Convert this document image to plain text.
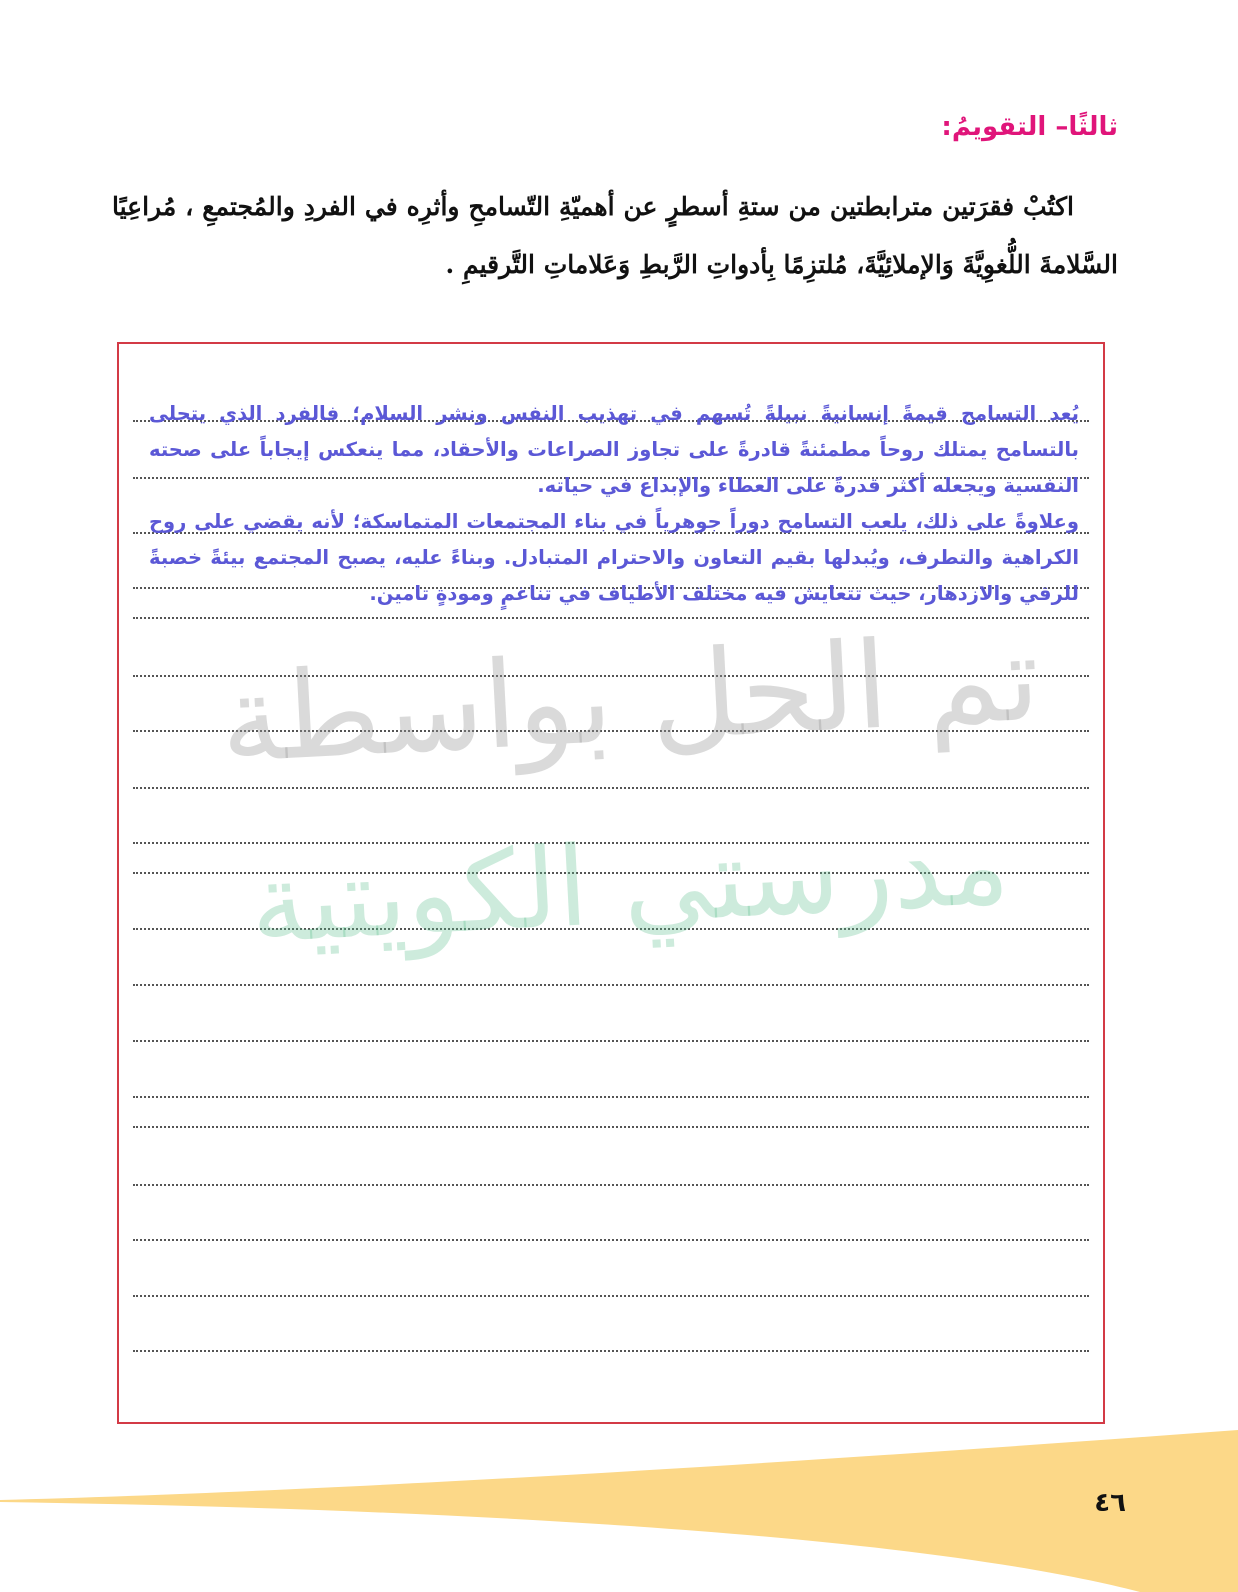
ثالثًا– التقويمُ:
اكتُبْ فقرَتين مترابطتين من ستةِ أسطرٍ عن أهميّةِ التّسامحِ وأثرِه في الفردِ والمُجتمعِ ، مُراعِيًا السَّلامةَ اللُّغوِيَّةَ وَالإملائِيَّةَ، مُلتزِمًا بِأدواتِ الرَّبطِ وَعَلاماتِ التَّرقيمِ .

يُعد التسامح قيمةً إنسانيةً نبيلةً تُسهم في تهذيب النفس ونشر السلام؛ فالفرد الذي يتحلى بالتسامح يمتلك روحاً مطمئنةً قادرةً على تجاوز الصراعات والأحقاد، مما ينعكس إيجاباً على صحته النفسية ويجعله أكثر قدرةً على العطاء والإبداع في حياته.

وعلاوةً على ذلك، يلعب التسامح دوراً جوهرياً في بناء المجتمعات المتماسكة؛ لأنه يقضي على روح الكراهية والتطرف، ويُبدلها بقيم التعاون والاحترام المتبادل. وبناءً عليه، يصبح المجتمع بيئةً خصبةً للرقي والازدهار، حيث تتعايش فيه مختلف الأطياف في تناغمٍ ومودةٍ تامين.

تم الحل بواسطة
مدرستي الكويتية
٤٦
